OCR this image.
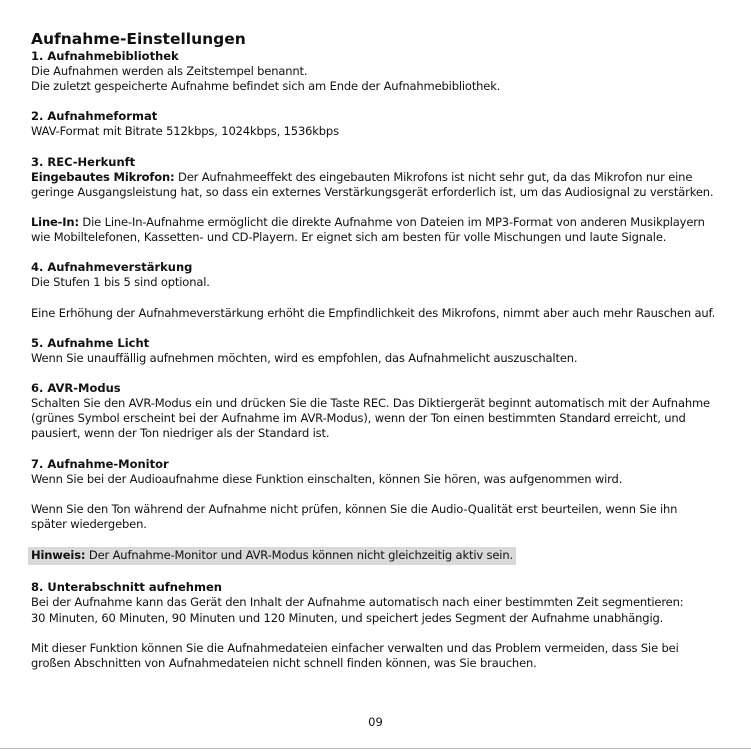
Aufnahme-Einstellungen
1. Aufnahmebibliothek
Die Aufnahmen werden als Zeitstempel benannt.
Die zuletzt gespeicherte Aufnahme befindet sich am Ende der Aufnahmebibliothek.
2. Aufnahmeformat
WAV-Format mit Bitrate 512kbps, 1024kbps, 1536kbps
3. REC-Herkunft
Eingebautes Mikrofon: Der Aufnahmeeffekt des eingebauten Mikrofons ist nicht sehr gut, da das Mikrofon nur eine
geringe Ausgangsleistung hat, so dass ein externes Verstärkungsgerät erforderlich ist, um das Audiosignal zu verstärken.
Line-In: Die Line-In-Aufnahme ermöglicht die direkte Aufnahme von Dateien im MP3-Format von anderen Musikplayern
wie Mobiltelefonen, Kassetten- und CD-Playern. Er eignet sich am besten für volle Mischungen und laute Signale.
4. Aufnahmeverstärkung
Die Stufen 1 bis 5 sind optional.
Eine Erhöhung der Aufnahmeverstärkung erhöht die Empfindlichkeit des Mikrofons, nimmt aber auch mehr Rauschen auf.
5. Aufnahme Licht
Wenn Sie unauffällig aufnehmen möchten, wird es empfohlen, das Aufnahmelicht auszuschalten.
6. AVR-Modus
Schalten Sie den AVR-Modus ein und drücken Sie die Taste REC. Das Diktiergerät beginnt automatisch mit der Aufnahme
(grünes Symbol erscheint bei der Aufnahme im AVR-Modus), wenn der Ton einen bestimmten Standard erreicht, und
pausiert, wenn der Ton niedriger als der Standard ist.
7. Aufnahme-Monitor
Wenn Sie bei der Audioaufnahme diese Funktion einschalten, können Sie hören, was aufgenommen wird.
Wenn Sie den Ton während der Aufnahme nicht prüfen, können Sie die Audio-Qualität erst beurteilen, wenn Sie ihn
später wiedergeben.
Hinweis: Der Aufnahme-Monitor und AVR-Modus können nicht gleichzeitig aktiv sein.
8. Unterabschnitt aufnehmen
Bei der Aufnahme kann das Gerät den Inhalt der Aufnahme automatisch nach einer bestimmten Zeit segmentieren:
30 Minuten, 60 Minuten, 90 Minuten und 120 Minuten, und speichert jedes Segment der Aufnahme unabhängig.
Mit dieser Funktion können Sie die Aufnahmedateien einfacher verwalten und das Problem vermeiden, dass Sie bei
großen Abschnitten von Aufnahmedateien nicht schnell finden können, was Sie brauchen.
09
